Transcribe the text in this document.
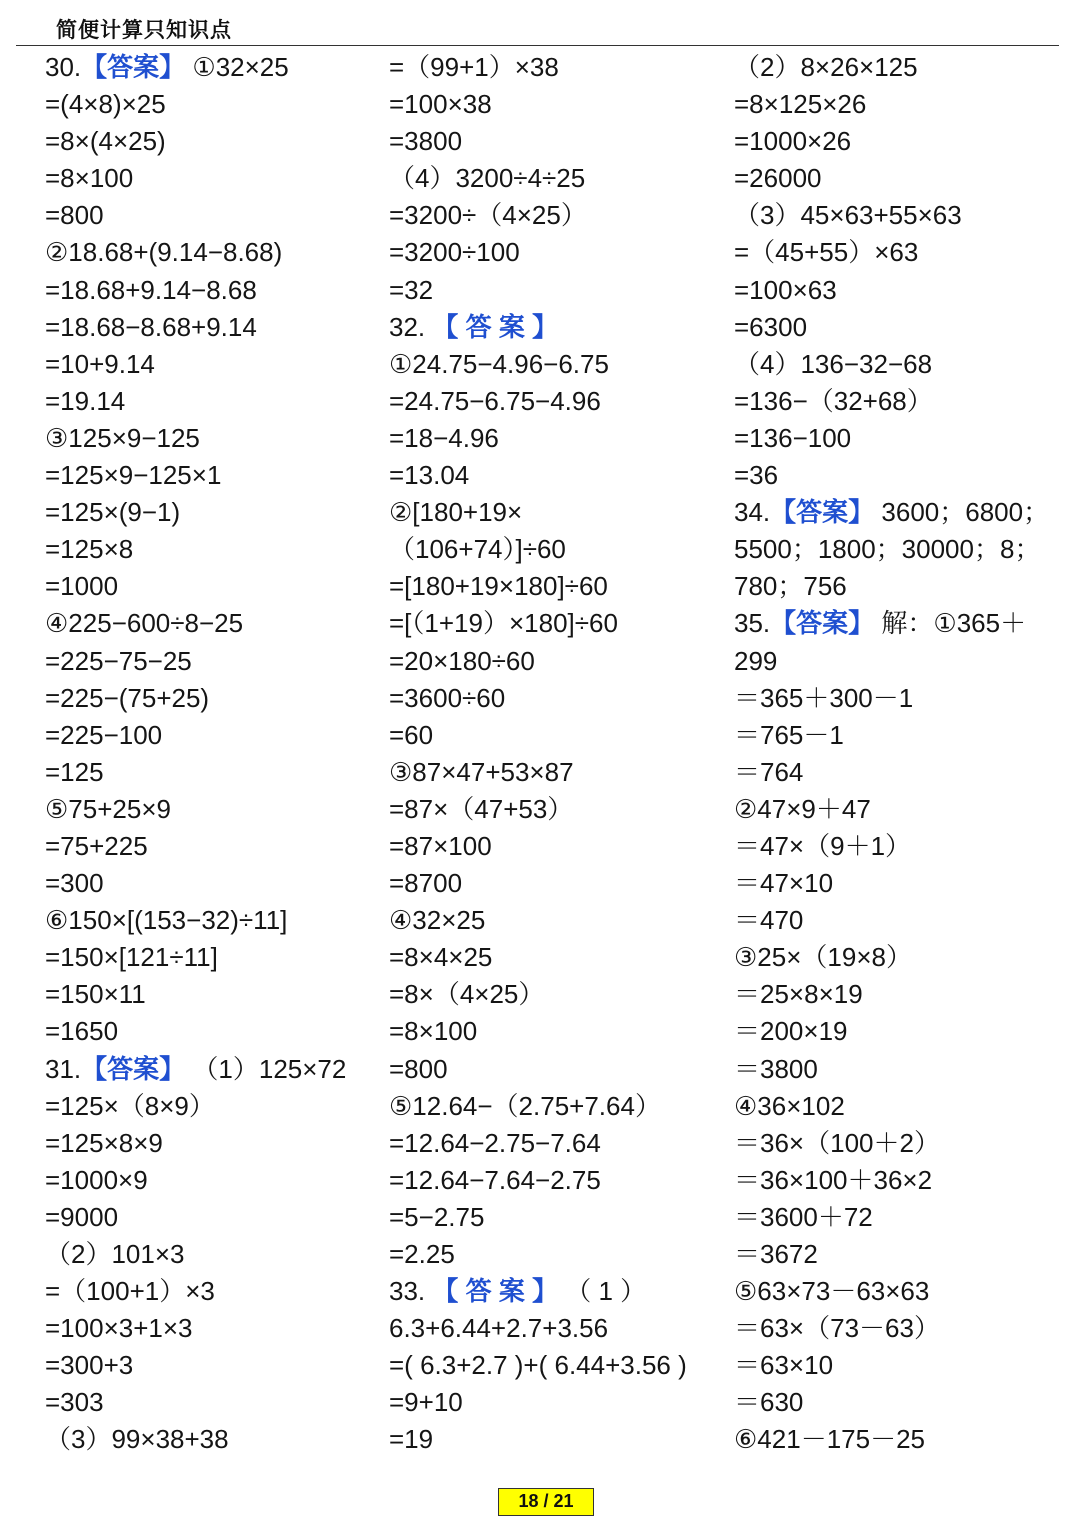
简便计算只知识点
30.【答案】 ①32×25
=(4×8)×25
=8×(4×25)
=8×100
=800
②18.68+(9.14−8.68)
=18.68+9.14−8.68
=18.68−8.68+9.14
=10+9.14
=19.14
③125×9−125
=125×9−125×1
=125×(9−1)
=125×8
=1000
④225−600÷8−25
=225−75−25
=225−(75+25)
=225−100
=125
⑤75+25×9
=75+225
=300
⑥150×[(153−32)÷11]
=150×[121÷11]
=150×11
=1650
31.【答案】 （1）125×72
=125×（8×9）
=125×8×9
=1000×9
=9000
（2）101×3
=（100+1）×3
=100×3+1×3
=300+3
=303
（3）99×38+38
=（99+1）×38
=100×38
=3800
（4）3200÷4÷25
=3200÷（4×25）
=3200÷100
=32
32. 【 答 案 】
①24.75−4.96−6.75
=24.75−6.75−4.96
=18−4.96
=13.04
②[180+19×
（106+74）]÷60
=[180+19×180]÷60
=[（1+19）×180]÷60
=20×180÷60
=3600÷60
=60
③87×47+53×87
=87×（47+53）
=87×100
=8700
④32×25
=8×4×25
=8×（4×25）
=8×100
=800
⑤12.64−（2.75+7.64）
=12.64−2.75−7.64
=12.64−7.64−2.75
=5−2.75
=2.25
33. 【 答 案 】 （ 1 ）
6.3+6.44+2.7+3.56
=( 6.3+2.7 )+( 6.44+3.56 )
=9+10
=19
（2）8×26×125
=8×125×26
=1000×26
=26000
（3）45×63+55×63
=（45+55）×63
=100×63
=6300
（4）136−32−68
=136−（32+68）
=136−100
=36
34.【答案】 3600；6800；
5500；1800；30000；8；
780；756
35.【答案】 解：①365＋
299
＝365＋300－1
＝765－1
＝764
②47×9＋47
＝47×（9＋1）
＝47×10
＝470
③25×（19×8）
＝25×8×19
＝200×19
＝3800
④36×102
＝36×（100＋2）
＝36×100＋36×2
＝3600＋72
＝3672
⑤63×73－63×63
＝63×（73－63）
＝63×10
＝630
⑥421－175－25
18 / 21
